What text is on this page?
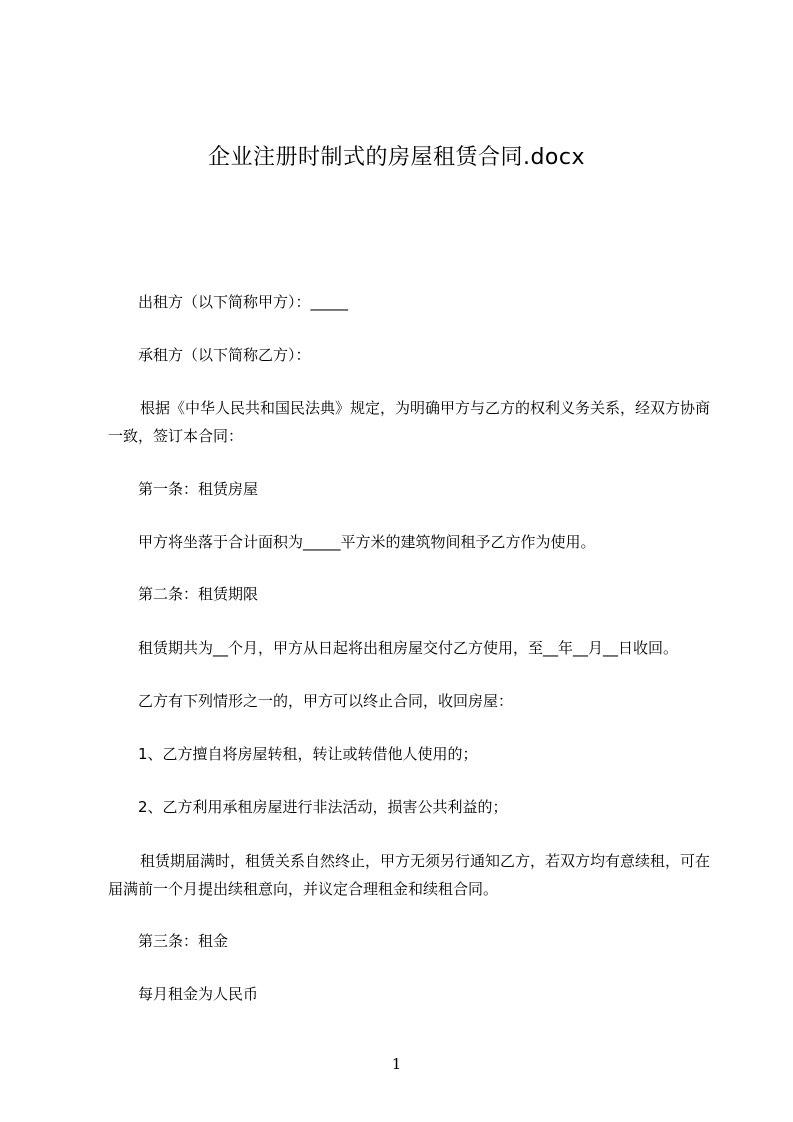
企业注册时制式的房屋租赁合同.docx
出租方（以下简称甲方）：_____
承租方（以下简称乙方）：
根据《中华人民共和国民法典》规定，为明确甲方与乙方的权利义务关系，经双方协商一致，签订本合同：
第一条：租赁房屋
甲方将坐落于合计面积为_____平方米的建筑物间租予乙方作为使用。
第二条：租赁期限
租赁期共为__个月，甲方从日起将出租房屋交付乙方使用，至__年__月__日收回。
乙方有下列情形之一的，甲方可以终止合同，收回房屋：
1、乙方擅自将房屋转租，转让或转借他人使用的；
2、乙方利用承租房屋进行非法活动，损害公共利益的；
租赁期届满时，租赁关系自然终止，甲方无须另行通知乙方，若双方均有意续租，可在届满前一个月提出续租意向，并议定合理租金和续租合同。
第三条：租金
每月租金为人民币
1
